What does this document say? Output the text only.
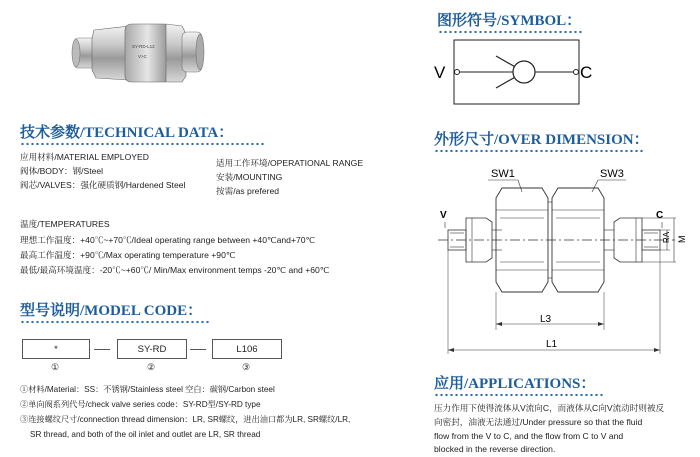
SY-RD-L12
V>C
技术参数/TECHNICAL DATA：
应用材料/MATERIAL EMPLOYED
阀体/BODY：钢/Steel
阀芯/VALVES：强化硬质钢/Hardened Steel
适用工作环境/OPERATIONAL RANGE
安装/MOUNTING
按需/as prefered
温度/TEMPERATURES
理想工作温度：+40℃~+70℃/Ideal operating range between +40℃and+70℃
最高工作温度：+90℃/Max operating temperature +90℃
最低/最高环境温度：-20℃~+60℃/ Min/Max environment temps -20℃ and +60℃
型号说明/MODEL CODE：
*	SY-RD	L106
①	②	③
①材料/Material：SS：不锈钢/Stainless steel 空白：碳钢/Carbon steel
②单向阀系列代号/check valve series code：SY-RD型/SY-RD type
③连接螺纹尺寸/connection thread dimension：LR, SR螺纹，进出油口都为LR, SR螺纹/LR,
SR thread, and both of the oil inlet and outlet are LR, SR thread
图形符号/SYMBOL：
V	C
外形尺寸/OVER DIMENSION：
SW1	SW3
V	C
RA M
L3
L1
应用/APPLICATIONS：
压力作用下使得流体从V流向C，而液体从C向V流动时则被反
向密封，油液无法通过/Under pressure so that the fluid
flow from the V to C, and the flow from C to V and
blocked in the reverse direction.
